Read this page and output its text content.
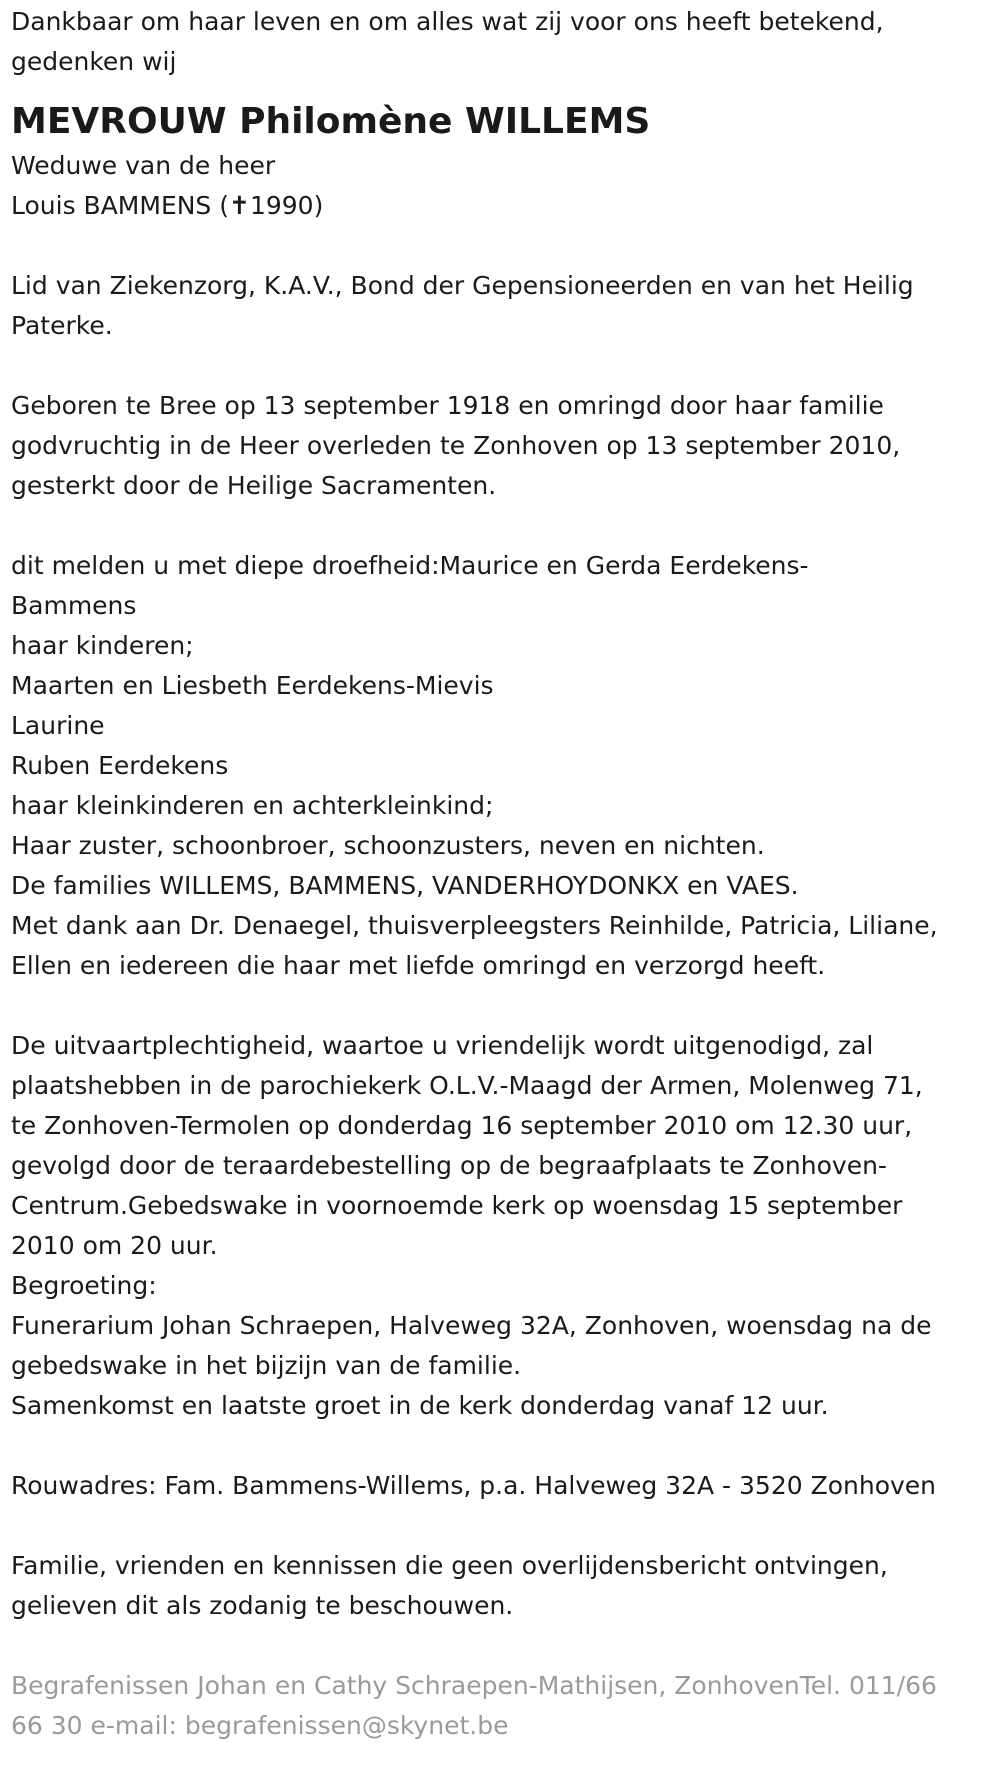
Dankbaar om haar leven en om alles wat zij voor ons heeft betekend,
gedenken wij
MEVROUW Philomène WILLEMS
Weduwe van de heer
Louis BAMMENS (✝1990)
Lid van Ziekenzorg, K.A.V., Bond der Gepensioneerden en van het Heilig
Paterke.
Geboren te Bree op 13 september 1918 en omringd door haar familie
godvruchtig in de Heer overleden te Zonhoven op 13 september 2010,
gesterkt door de Heilige Sacramenten.
dit melden u met diepe droefheid:Maurice en Gerda Eerdekens-
Bammens
haar kinderen;
Maarten en Liesbeth Eerdekens-Mievis
Laurine
Ruben Eerdekens
haar kleinkinderen en achterkleinkind;
Haar zuster, schoonbroer, schoonzusters, neven en nichten.
De families WILLEMS, BAMMENS, VANDERHOYDONKX en VAES.
Met dank aan Dr. Denaegel, thuisverpleegsters Reinhilde, Patricia, Liliane,
Ellen en iedereen die haar met liefde omringd en verzorgd heeft.
De uitvaartplechtigheid, waartoe u vriendelijk wordt uitgenodigd, zal
plaatshebben in de parochiekerk O.L.V.-Maagd der Armen, Molenweg 71,
te Zonhoven-Termolen op donderdag 16 september 2010 om 12.30 uur,
gevolgd door de teraardebestelling op de begraafplaats te Zonhoven-
Centrum.Gebedswake in voornoemde kerk op woensdag 15 september
2010 om 20 uur.
Begroeting:
Funerarium Johan Schraepen, Halveweg 32A, Zonhoven, woensdag na de
gebedswake in het bijzijn van de familie.
Samenkomst en laatste groet in de kerk donderdag vanaf 12 uur.
Rouwadres: Fam. Bammens-Willems, p.a. Halveweg 32A - 3520 Zonhoven
Familie, vrienden en kennissen die geen overlijdensbericht ontvingen,
gelieven dit als zodanig te beschouwen.
Begrafenissen Johan en Cathy Schraepen-Mathijsen, ZonhovenTel. 011/66
66 30 e-mail: begrafenissen@skynet.be
